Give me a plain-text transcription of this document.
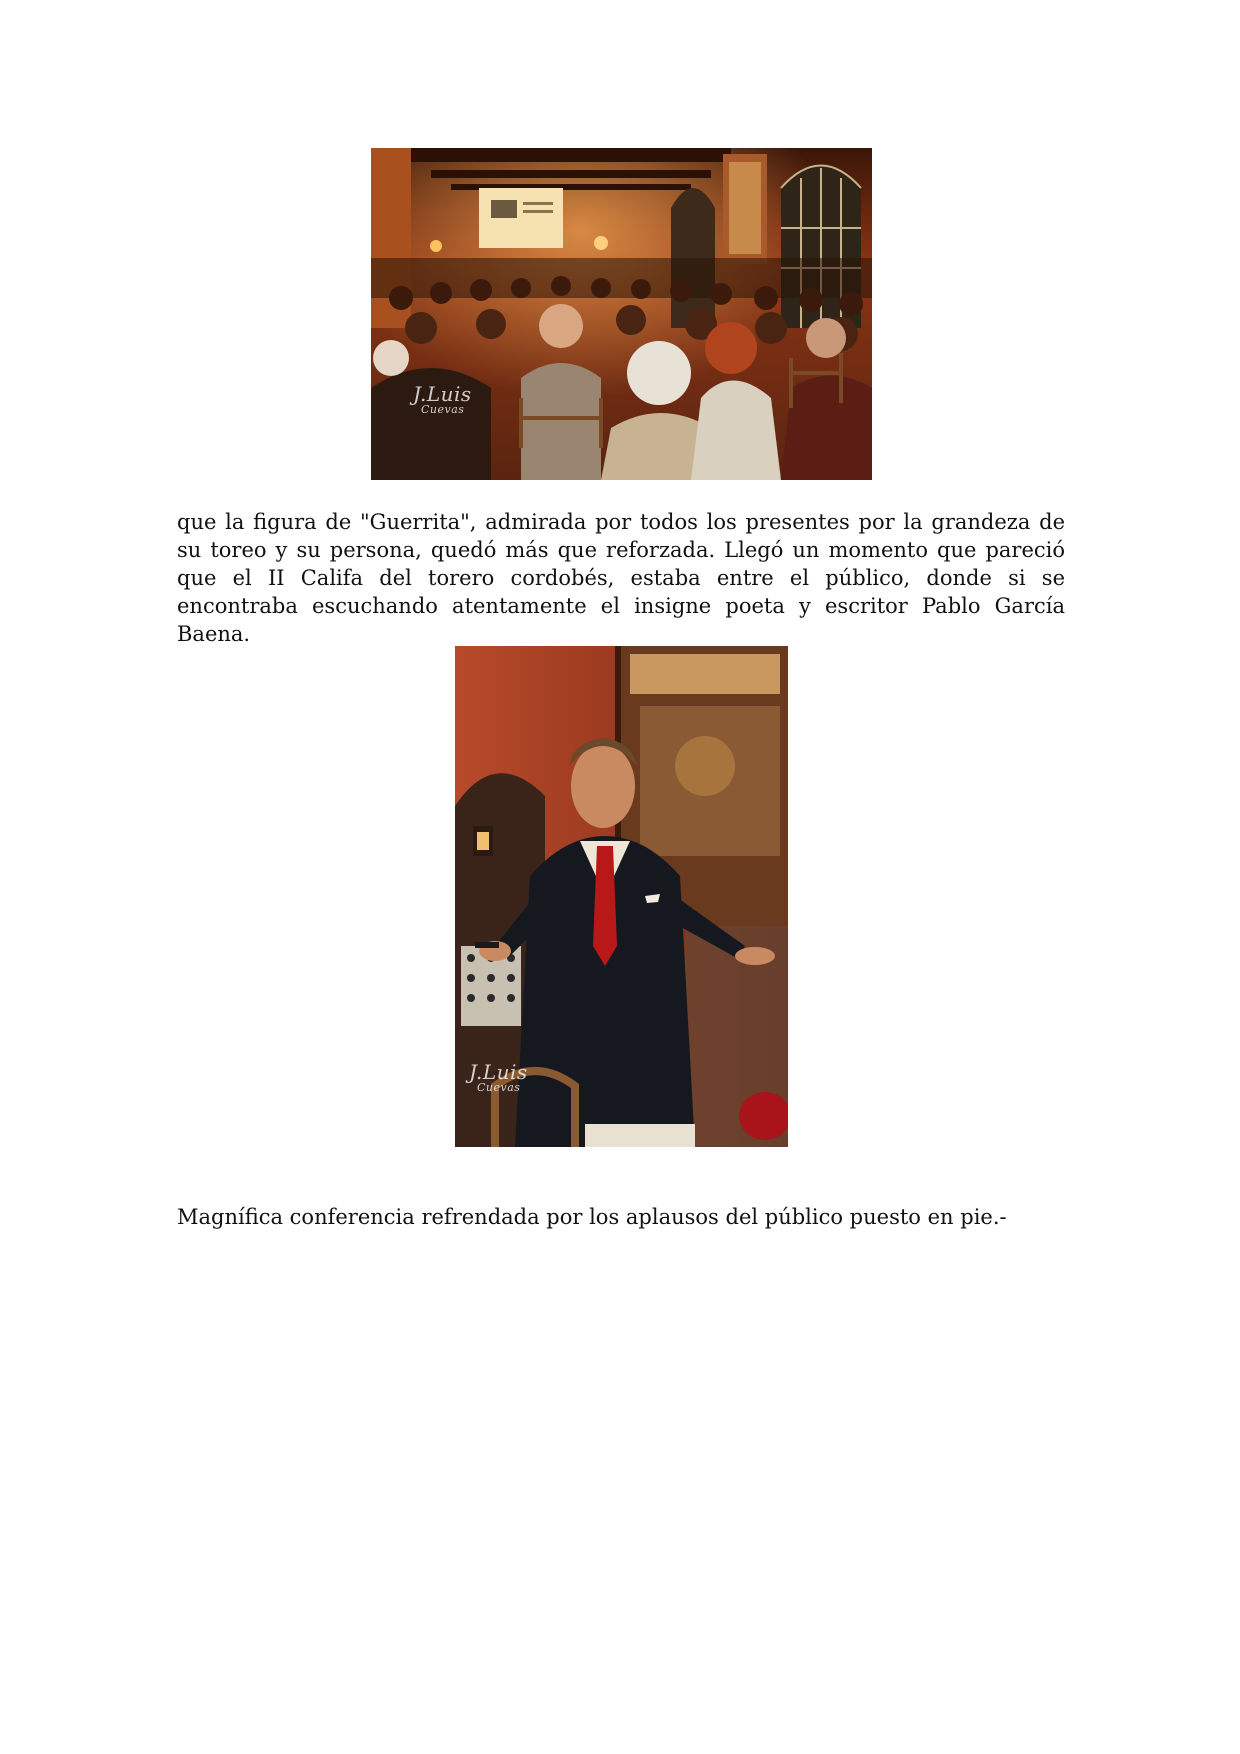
J.Luis
Cuevas

que la figura de "Guerrita", admirada por todos los presentes por la grandeza de su toreo y su persona, quedó más que reforzada. Llegó un momento que pareció que el II Califa del torero cordobés, estaba entre el público, donde si se encontraba escuchando atentamente el insigne poeta y escritor Pablo García Baena.

J.Luis
Cuevas

Magnífica conferencia refrendada por los aplausos del público puesto en pie.-
